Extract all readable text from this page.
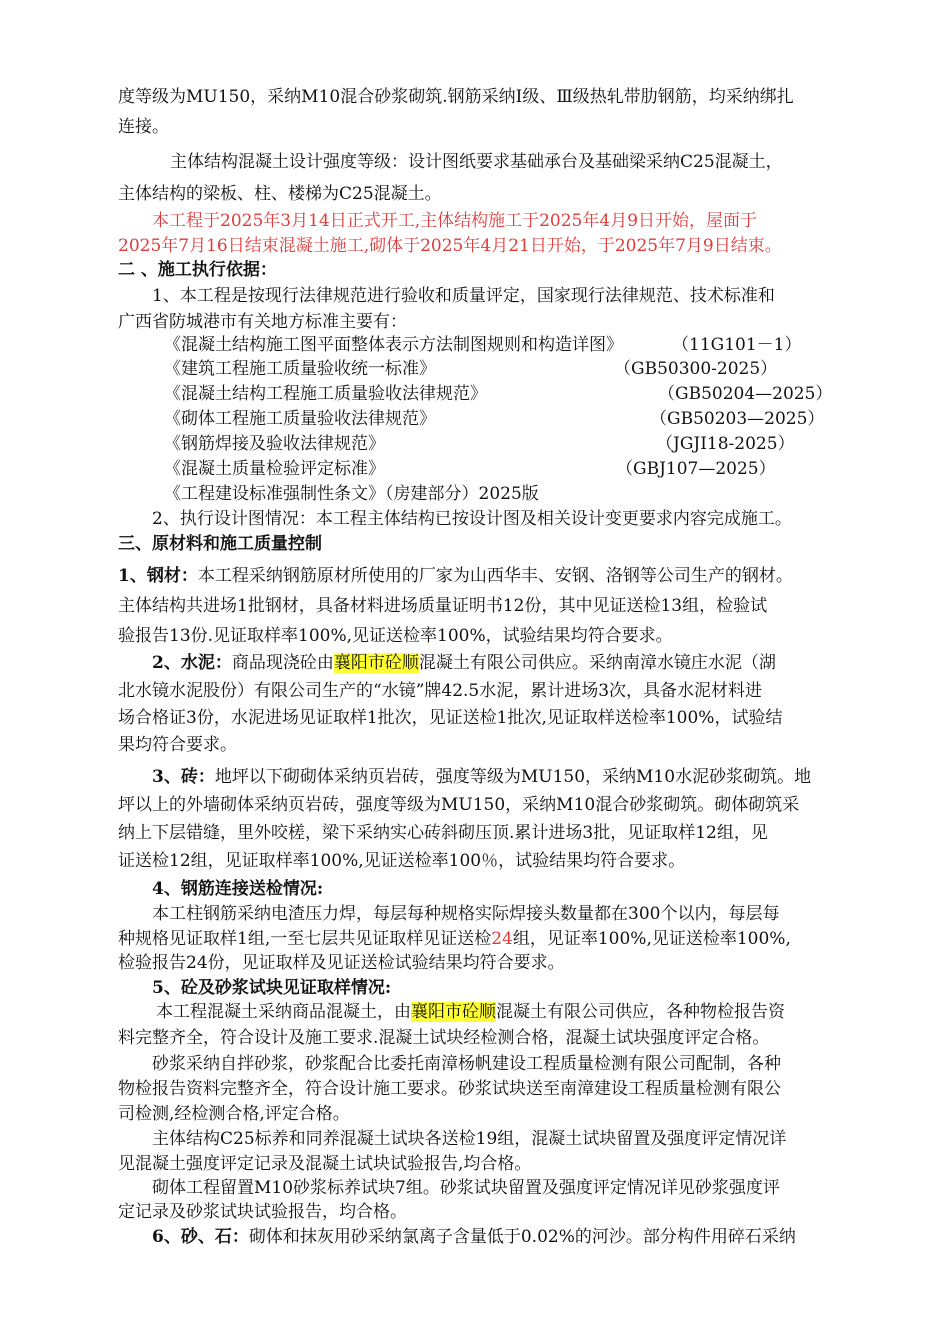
度等级为MU150，采纳M10混合砂浆砌筑.钢筋采纳Ⅰ级、Ⅲ级热轧带肋钢筋，均采纳绑扎
连接。
主体结构混凝土设计强度等级：设计图纸要求基础承台及基础梁采纳C25混凝土，
主体结构的梁板、柱、楼梯为C25混凝土。
本工程于2025年3月14日正式开工,主体结构施工于2025年4月9日开始，屋面于
2025年7月16日结束混凝土施工,砌体于2025年4月21日开始，于2025年7月9日结束。
二 、施工执行依据：
1、本工程是按现行法律规范进行验收和质量评定，国家现行法律规范、技术标准和
广西省防城港市有关地方标准主要有：
《混凝土结构施工图平面整体表示方法制图规则和构造详图》	（11G101－1）
《建筑工程施工质量验收统一标准》	（GB50300-2025）
《混凝土结构工程施工质量验收法律规范》	（GB50204—2025）
《砌体工程施工质量验收法律规范》	（GB50203—2025）
《钢筋焊接及验收法律规范》	（JGJI18-2025）
《混凝土质量检验评定标准》	（GBJ107—2025）
《工程建设标准强制性条文》（房建部分）2025版
2、执行设计图情况：本工程主体结构已按设计图及相关设计变更要求内容完成施工。
三、原材料和施工质量控制
1、钢材：本工程采纳钢筋原材所使用的厂家为山西华丰、安钢、洛钢等公司生产的钢材。
主体结构共进场1批钢材，具备材料进场质量证明书12份，其中见证送检13组，检验试
验报告13份.见证取样率100%,见证送检率100%，试验结果均符合要求。
2、水泥：商品现浇砼由襄阳市砼顺混凝土有限公司供应。采纳南漳水镜庄水泥（湖
北水镜水泥股份）有限公司生产的“水镜”牌42.5水泥，累计进场3次，具备水泥材料进
场合格证3份，水泥进场见证取样1批次，见证送检1批次,见证取样送检率100%，试验结
果均符合要求。
3、砖：地坪以下砌砌体采纳页岩砖，强度等级为MU150，采纳M10水泥砂浆砌筑。地
坪以上的外墙砌体采纳页岩砖，强度等级为MU150，采纳M10混合砂浆砌筑。砌体砌筑采
纳上下层错缝，里外咬槎，梁下采纳实心砖斜砌压顶.累计进场3批，见证取样12组，见
证送检12组，见证取样率100%,见证送检率100％，试验结果均符合要求。
4、钢筋连接送检情况:
本工柱钢筋采纳电渣压力焊，每层每种规格实际焊接头数量都在300个以内，每层每
种规格见证取样1组,一至七层共见证取样见证送检24组，见证率100%,见证送检率100%,
检验报告24份，见证取样及见证送检试验结果均符合要求。
5、砼及砂浆试块见证取样情况:
本工程混凝土采纳商品混凝土，由襄阳市砼顺混凝土有限公司供应，各种物检报告资
料完整齐全，符合设计及施工要求.混凝土试块经检测合格，混凝土试块强度评定合格。
砂浆采纳自拌砂浆，砂浆配合比委托南漳杨帆建设工程质量检测有限公司配制，各种
物检报告资料完整齐全，符合设计施工要求。砂浆试块送至南漳建设工程质量检测有限公
司检测,经检测合格,评定合格。
主体结构C25标养和同养混凝土试块各送检19组，混凝土试块留置及强度评定情况详
见混凝土强度评定记录及混凝土试块试验报告,均合格。
砌体工程留置M10砂浆标养试块7组。砂浆试块留置及强度评定情况详见砂浆强度评
定记录及砂浆试块试验报告，均合格。
6、砂、石：砌体和抹灰用砂采纳氯离子含量低于0.02%的河沙。部分构件用碎石采纳
